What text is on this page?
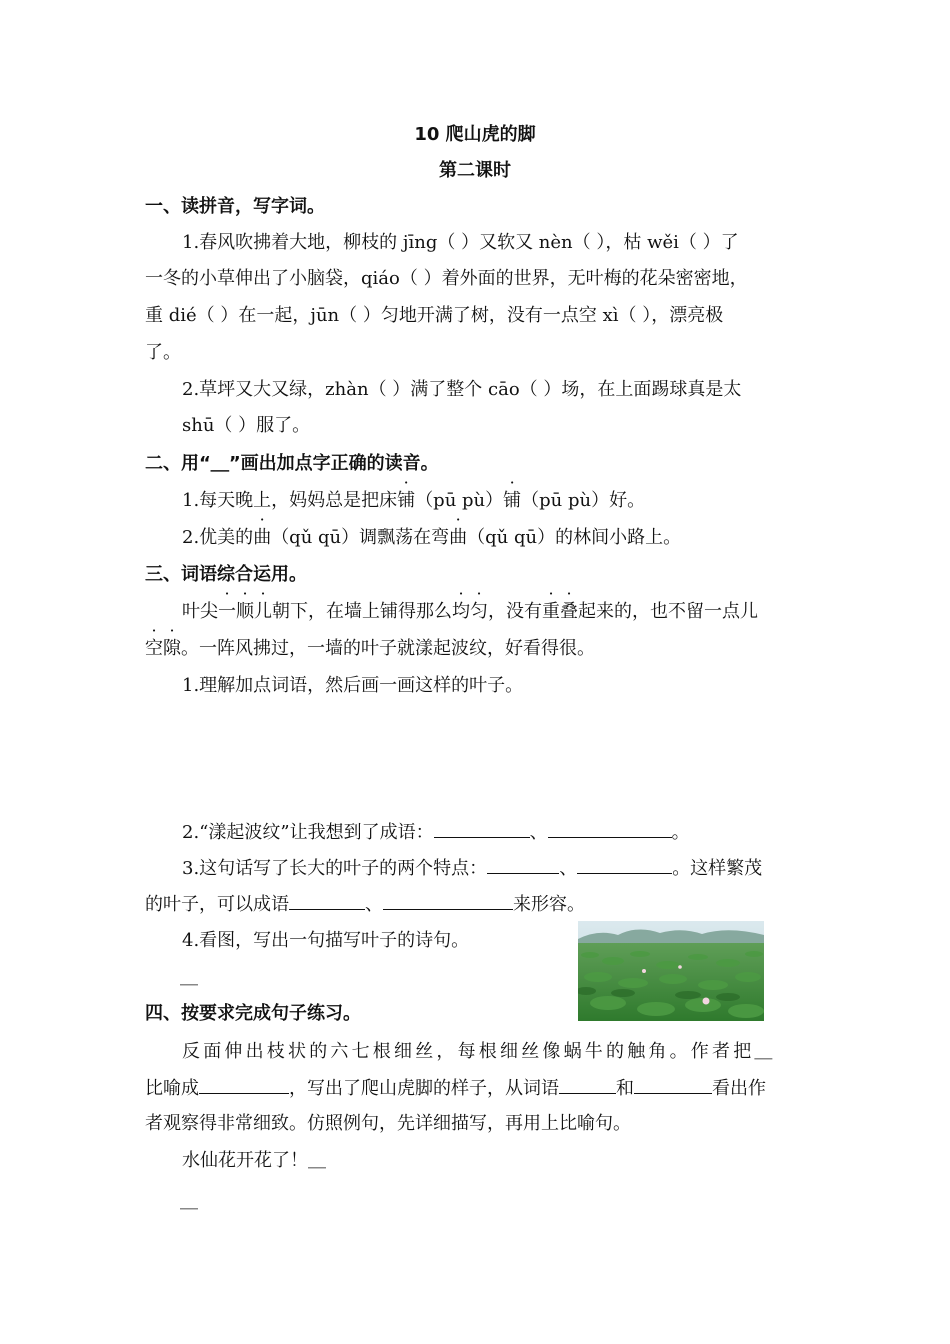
10 爬山虎的脚
第二课时
一、读拼音，写字词。
1.春风吹拂着大地，柳枝的 jīng（ ）又软又 nèn（ ），枯 wěi（ ）了
一冬的小草伸出了小脑袋，qiáo（ ）着外面的世界，无叶梅的花朵密密地，
重 dié（ ）在一起，jūn（ ）匀地开满了树，没有一点空 xì（ ），漂亮极
了。
2.草坪又大又绿，zhàn（ ）满了整个 cāo（ ）场，在上面踢球真是太
shū（ ）服了。
二、用“＿”画出加点字正确的读音。
1.每天晚上，妈妈总是把床铺（pū pù）铺（pū pù）好。
2.优美的曲（qǔ qū）调飘荡在弯曲（qǔ qū）的林间小路上。
三、词语综合运用。
叶尖一顺儿朝下，在墙上铺得那么均匀，没有重叠起来的，也不留一点儿
空隙。一阵风拂过，一墙的叶子就漾起波纹，好看得很。
1.理解加点词语，然后画一画这样的叶子。
2.“漾起波纹”让我想到了成语：	、	。
3.这句话写了长大的叶子的两个特点：	、	。这样繁茂
的叶子，可以成语	、	来形容。
4.看图，写出一句描写叶子的诗句。
＿
四、按要求完成句子练习。
反面伸出枝状的六七根细丝，每根细丝像蜗牛的触角。作者把＿
比喻成	，写出了爬山虎脚的样子，从词语	和	看出作
者观察得非常细致。仿照例句，先详细描写，再用上比喻句。
水仙花开花了！＿
＿
